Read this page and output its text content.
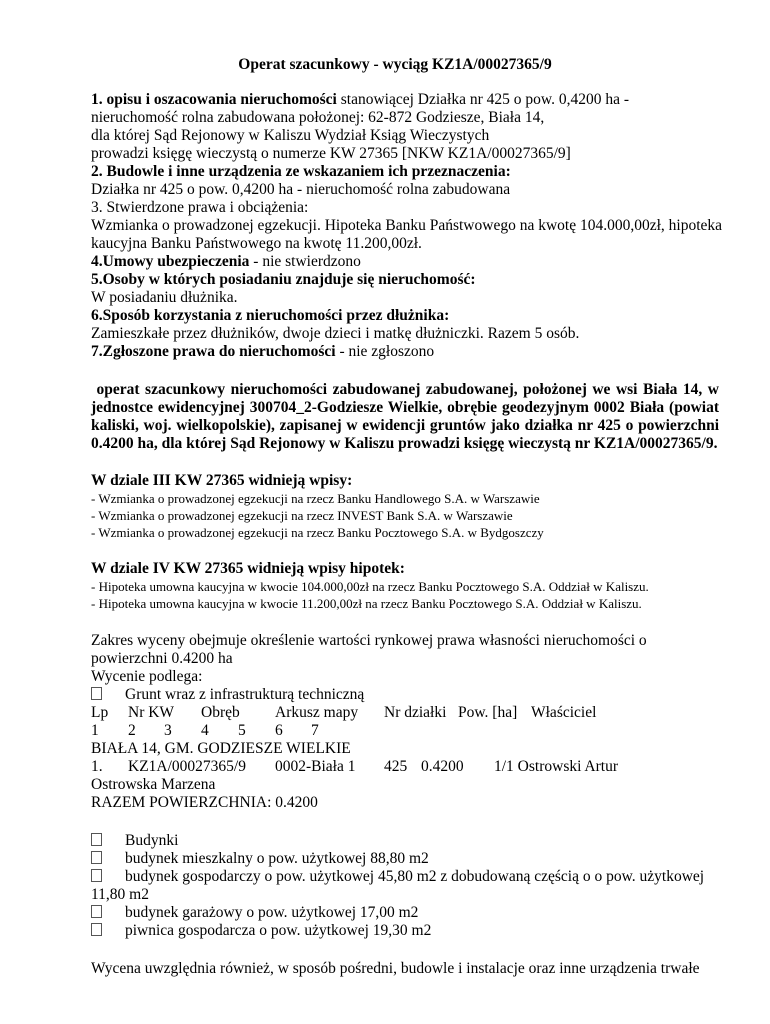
Operat szacunkowy - wyciąg KZ1A/00027365/9

1. opisu i oszacowania nieruchomości stanowiącej Działka nr 425 o pow. 0,4200 ha -

nieruchomość rolna zabudowana położonej: 62-872 Godziesze, Biała 14,

dla której Sąd Rejonowy w Kaliszu Wydział Ksiąg Wieczystych

prowadzi księgę wieczystą o numerze KW 27365 [NKW KZ1A/00027365/9]

2. Budowle i inne urządzenia ze wskazaniem ich przeznaczenia:

Działka nr 425 o pow. 0,4200 ha - nieruchomość rolna zabudowana

3. Stwierdzone prawa i obciążenia:

Wzmianka o prowadzonej egzekucji. Hipoteka Banku Państwowego na kwotę 104.000,00zł, hipoteka

kaucyjna Banku Państwowego na kwotę 11.200,00zł.

4.Umowy ubezpieczenia - nie stwierdzono

5.Osoby w których posiadaniu znajduje się nieruchomość:

W posiadaniu dłużnika.

6.Sposób korzystania z nieruchomości przez dłużnika:

Zamieszkałe przez dłużników, dwoje dzieci i matkę dłużniczki. Razem 5 osób.

7.Zgłoszone prawa do nieruchomości - nie zgłoszono

operat szacunkowy nieruchomości zabudowanej zabudowanej, położonej we wsi Biała 14, w
jednostce ewidencyjnej 300704_2-Godziesze Wielkie, obrębie geodezyjnym 0002 Biała (powiat
kaliski, woj. wielkopolskie), zapisanej w ewidencji gruntów jako działka nr 425 o powierzchni
0.4200 ha, dla której Sąd Rejonowy w Kaliszu prowadzi księgę wieczystą nr KZ1A/00027365/9.

W dziale III KW 27365 widnieją wpisy:

- Wzmianka o prowadzonej egzekucji na rzecz Banku Handlowego S.A. w Warszawie

- Wzmianka o prowadzonej egzekucji na rzecz INVEST Bank S.A. w Warszawie

- Wzmianka o prowadzonej egzekucji na rzecz Banku Pocztowego S.A. w Bydgoszczy

W dziale IV KW 27365 widnieją wpisy hipotek:

- Hipoteka umowna kaucyjna w kwocie 104.000,00zł na rzecz Banku Pocztowego S.A. Oddział w Kaliszu.

- Hipoteka umowna kaucyjna w kwocie 11.200,00zł na rzecz Banku Pocztowego S.A. Oddział w Kaliszu.

Zakres wyceny obejmuje określenie wartości rynkowej prawa własności nieruchomości o

powierzchni 0.4200 ha

Wycenie podlega:

Grunt wraz z infrastrukturą techniczną

Lp Nr KW Obręb Arkusz mapy Nr działki Pow. [ha] Właściciel

1 2 3 4 5 6 7

BIAŁA 14, GM. GODZIESZE WIELKIE

1. KZ1A/00027365/9 0002-Biała 1 425 0.4200 1/1 Ostrowski Artur

Ostrowska Marzena

RAZEM POWIERZCHNIA: 0.4200

Budynki

budynek mieszkalny o pow. użytkowej 88,80 m2

budynek gospodarczy o pow. użytkowej 45,80 m2 z dobudowaną częścią o o pow. użytkowej

11,80 m2

budynek garażowy o pow. użytkowej 17,00 m2

piwnica gospodarcza o pow. użytkowej 19,30 m2

Wycena uwzględnia również, w sposób pośredni, budowle i instalacje oraz inne urządzenia trwałe
